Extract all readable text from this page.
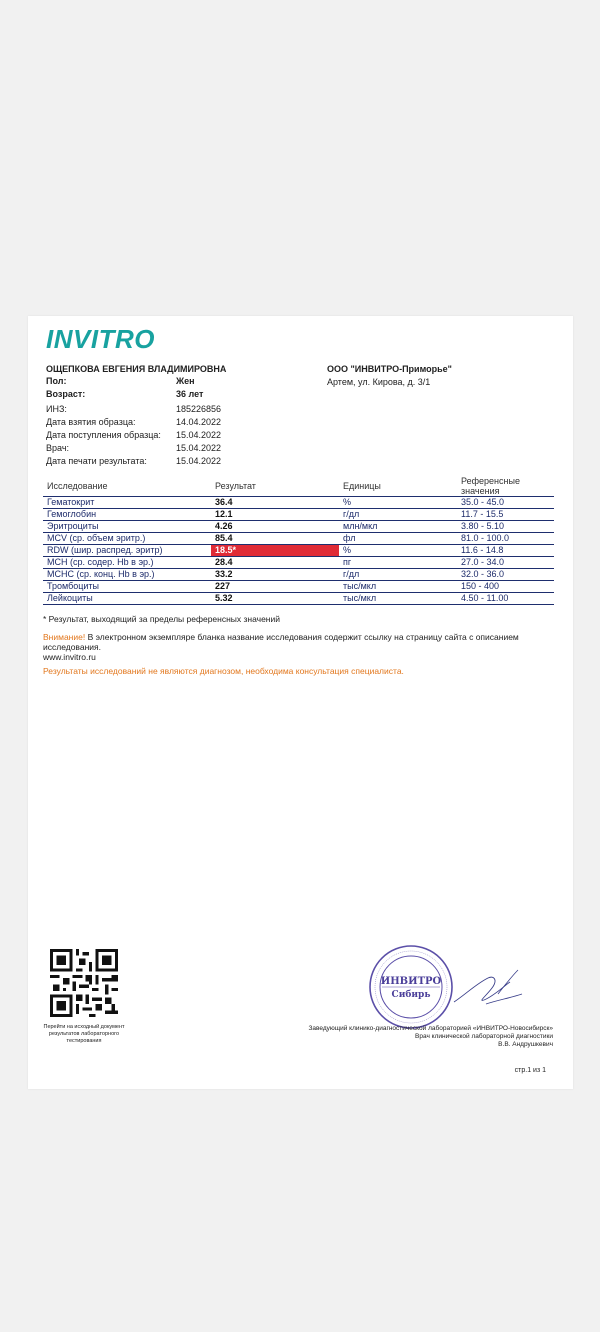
INVITRO
ОЩЕПКОВА ЕВГЕНИЯ ВЛАДИМИРОВНА
Пол:	Жен
Возраст:	36 лет
ИНЗ:	185226856
Дата взятия образца:	14.04.2022
Дата поступления образца: 15.04.2022
Врач:	15.04.2022
Дата печати результата:	15.04.2022
ООО "ИНВИТРО-Приморье"
Артем, ул. Кирова, д. 3/1
Исследование	Результат	Единицы	Референсные значения
Гематокрит	36.4	%	35.0 - 45.0
Гемоглобин	12.1	г/дл	11.7 - 15.5
Эритроциты	4.26	млн/мкл	3.80 - 5.10
MCV (ср. объем эритр.)	85.4	фл	81.0 - 100.0
RDW (шир. распред. эритр)	18.5*	%	11.6 - 14.8
MCH (ср. содер. Hb в эр.)	28.4	пг	27.0 - 34.0
MCHC (ср. конц. Hb в эр.)	33.2	г/дл	32.0 - 36.0
Тромбоциты	227	тыс/мкл	150 - 400
Лейкоциты	5.32	тыс/мкл	4.50 - 11.00
* Результат, выходящий за пределы референсных значений
Внимание! В электронном экземпляре бланка название исследования содержит ссылку на страницу сайта с описанием исследования.
www.invitro.ru
Результаты исследований не являются диагнозом, необходима консультация специалиста.
Перейти на исходный документ результатов лабораторного тестирования
ИНВИТРО
Сибирь
Заведующий клинико-диагностической лабораторией «ИНВИТРО-Новосибирск»
Врач клинической лабораторной диагностики
В.В. Андрушкевич
стр.1 из 1
